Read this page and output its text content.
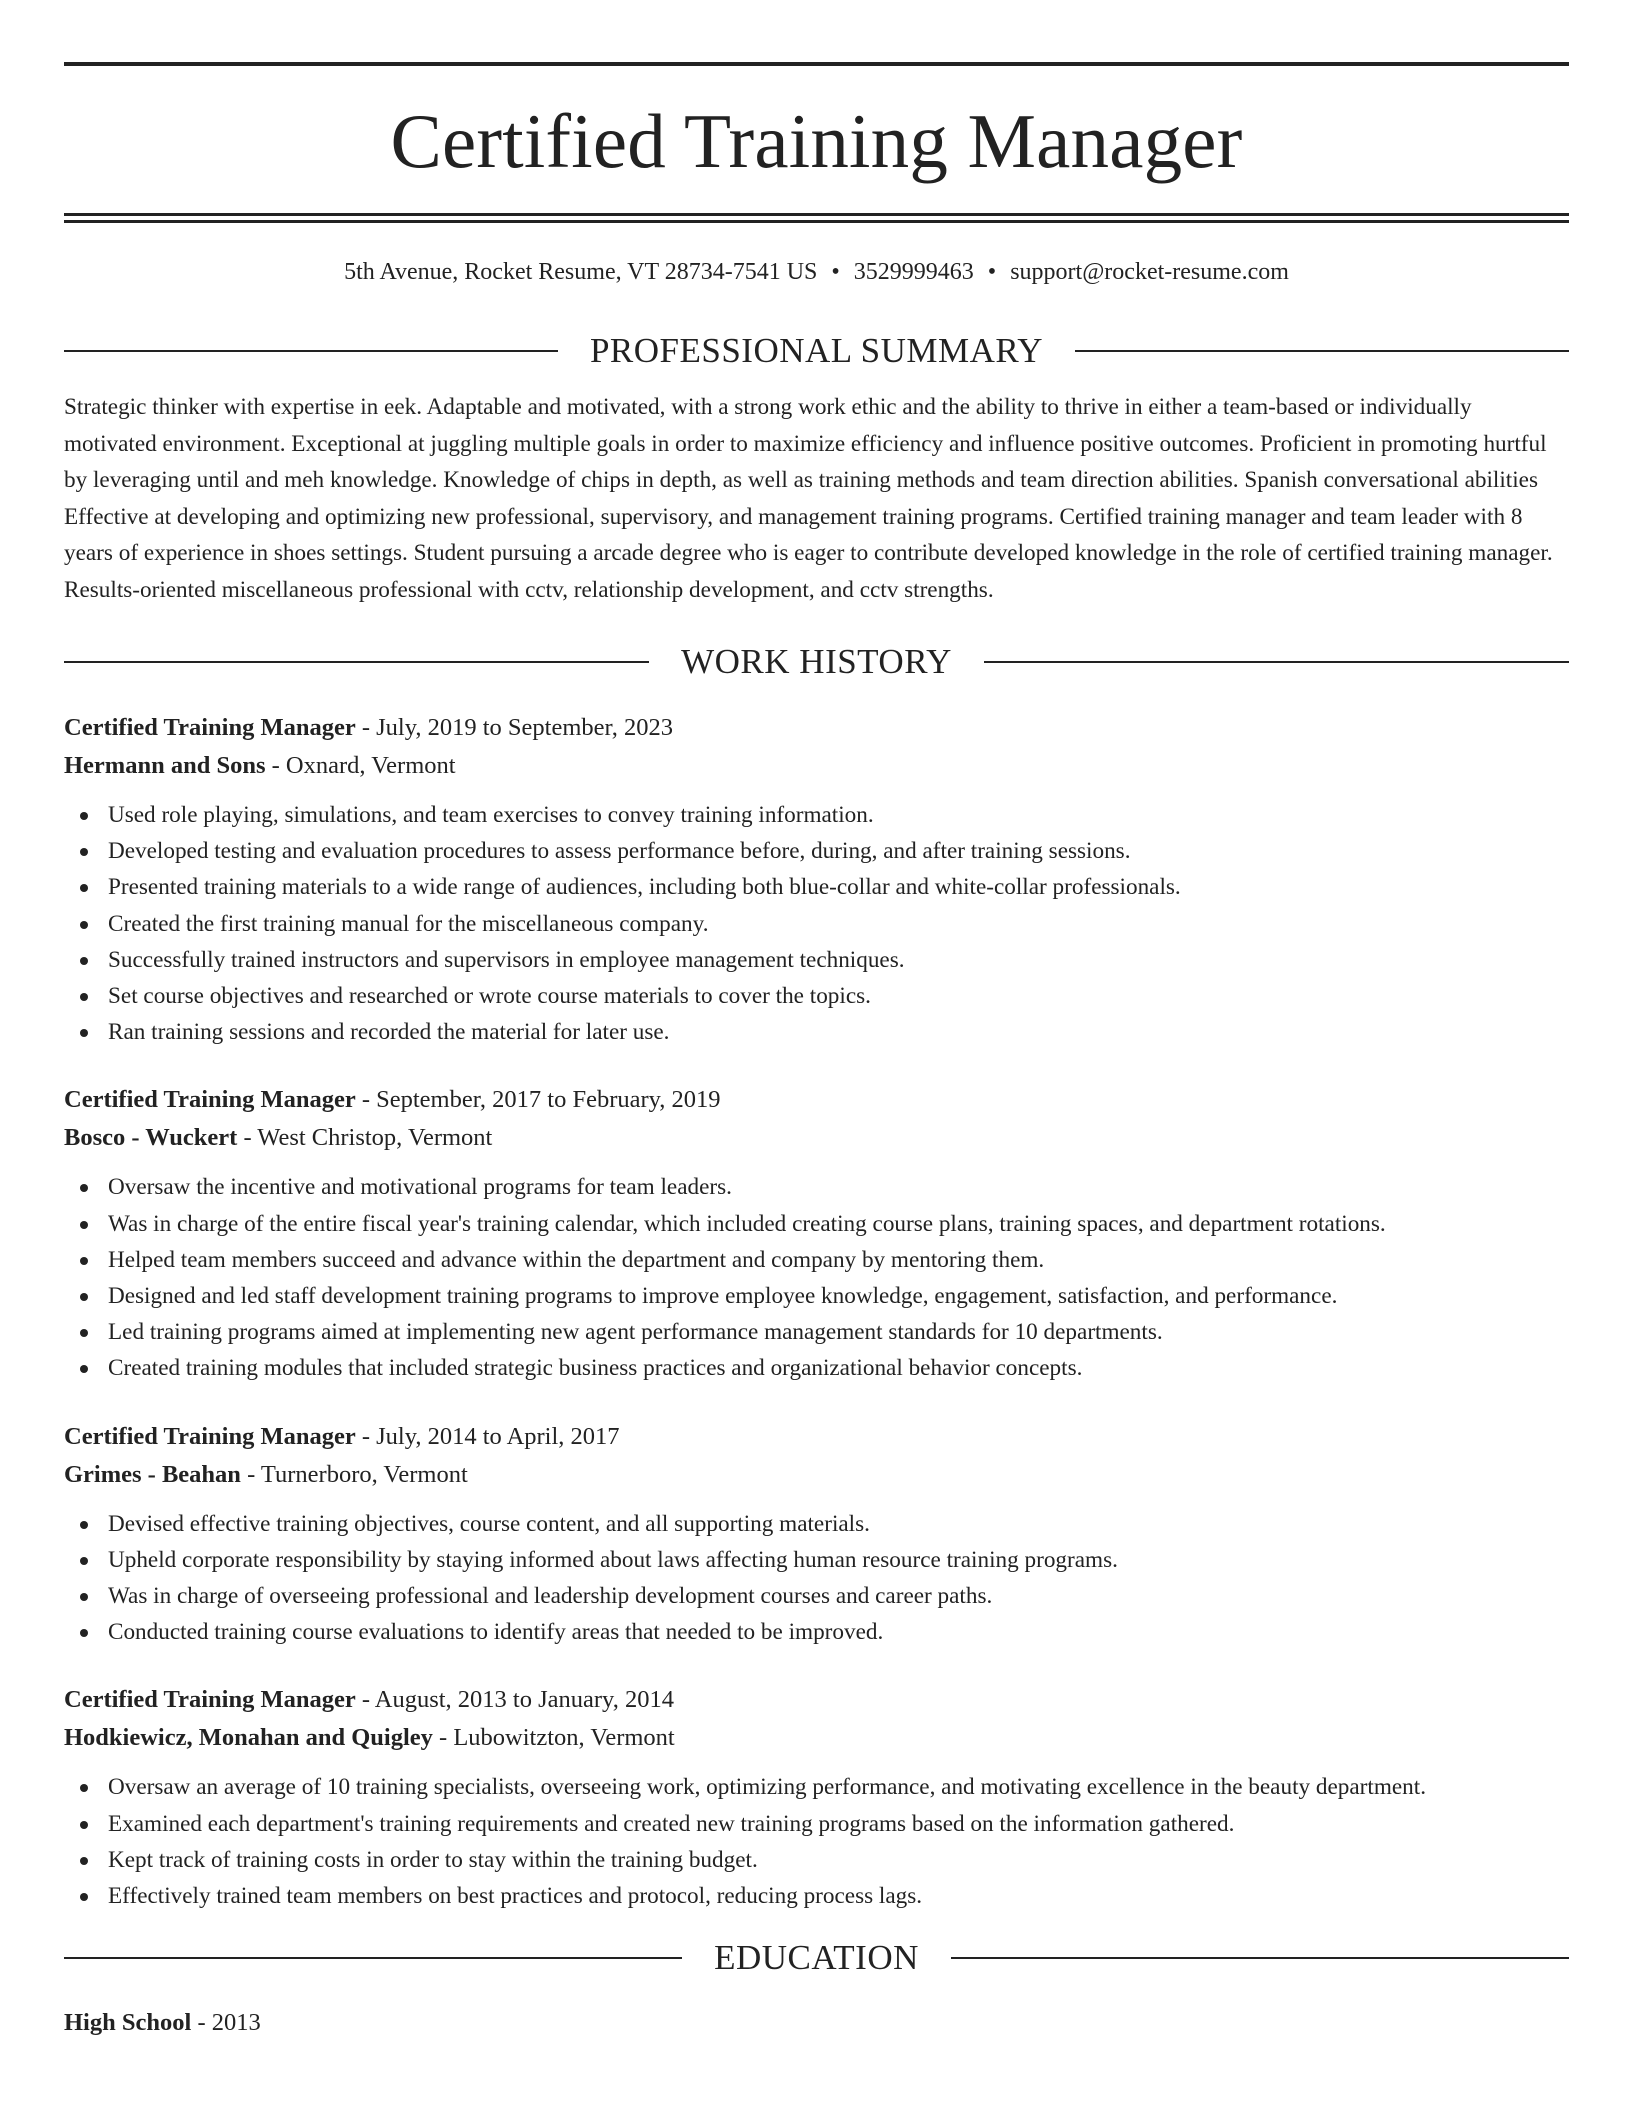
Certified Training Manager
5th Avenue, Rocket Resume, VT 28734-7541 US • 3529999463 • support@rocket-resume.com
PROFESSIONAL SUMMARY
Strategic thinker with expertise in eek. Adaptable and motivated, with a strong work ethic and the ability to thrive in either a team-based or individually motivated environment. Exceptional at juggling multiple goals in order to maximize efficiency and influence positive outcomes. Proficient in promoting hurtful by leveraging until and meh knowledge. Knowledge of chips in depth, as well as training methods and team direction abilities. Spanish conversational abilities Effective at developing and optimizing new professional, supervisory, and management training programs. Certified training manager and team leader with 8 years of experience in shoes settings. Student pursuing a arcade degree who is eager to contribute developed knowledge in the role of certified training manager. Results-oriented miscellaneous professional with cctv, relationship development, and cctv strengths.
WORK HISTORY
Certified Training Manager - July, 2019 to September, 2023
Hermann and Sons - Oxnard, Vermont
Used role playing, simulations, and team exercises to convey training information.
Developed testing and evaluation procedures to assess performance before, during, and after training sessions.
Presented training materials to a wide range of audiences, including both blue-collar and white-collar professionals.
Created the first training manual for the miscellaneous company.
Successfully trained instructors and supervisors in employee management techniques.
Set course objectives and researched or wrote course materials to cover the topics.
Ran training sessions and recorded the material for later use.
Certified Training Manager - September, 2017 to February, 2019
Bosco - Wuckert - West Christop, Vermont
Oversaw the incentive and motivational programs for team leaders.
Was in charge of the entire fiscal year's training calendar, which included creating course plans, training spaces, and department rotations.
Helped team members succeed and advance within the department and company by mentoring them.
Designed and led staff development training programs to improve employee knowledge, engagement, satisfaction, and performance.
Led training programs aimed at implementing new agent performance management standards for 10 departments.
Created training modules that included strategic business practices and organizational behavior concepts.
Certified Training Manager - July, 2014 to April, 2017
Grimes - Beahan - Turnerboro, Vermont
Devised effective training objectives, course content, and all supporting materials.
Upheld corporate responsibility by staying informed about laws affecting human resource training programs.
Was in charge of overseeing professional and leadership development courses and career paths.
Conducted training course evaluations to identify areas that needed to be improved.
Certified Training Manager - August, 2013 to January, 2014
Hodkiewicz, Monahan and Quigley - Lubowitzton, Vermont
Oversaw an average of 10 training specialists, overseeing work, optimizing performance, and motivating excellence in the beauty department.
Examined each department's training requirements and created new training programs based on the information gathered.
Kept track of training costs in order to stay within the training budget.
Effectively trained team members on best practices and protocol, reducing process lags.
EDUCATION
High School - 2013
